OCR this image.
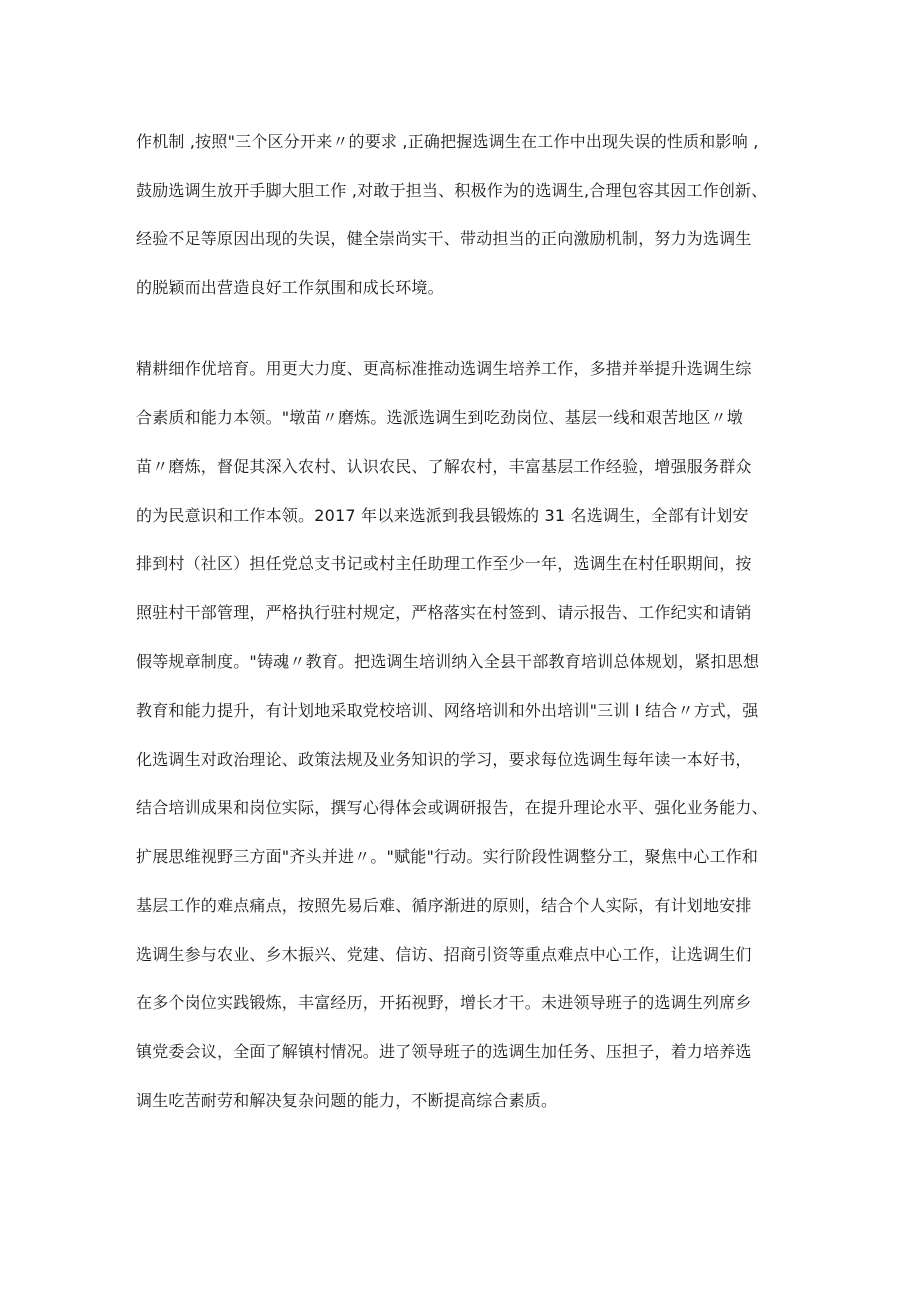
作机制 ,按照"三个区分开来〃的要求 ,正确把握选调生在工作中出现失误的性质和影响 ,

鼓励选调生放开手脚大胆工作 ,对敢于担当、积极作为的选调生,合理包容其因工作创新、

经验不足等原因出现的失误，健全崇尚实干、带动担当的正向激励机制，努力为选调生

的脱颖而出营造良好工作氛围和成长环境。

精耕细作优培育。用更大力度、更高标准推动选调生培养工作，多措并举提升选调生综

合素质和能力本领。"墩苗〃磨炼。选派选调生到吃劲岗位、基层一线和艰苦地区〃墩

苗〃磨炼，督促其深入农村、认识农民、了解农村，丰富基层工作经验，增强服务群众

的为民意识和工作本领。2017 年以来选派到我县锻炼的 31 名选调生，全部有计划安

排到村（社区）担任党总支书记或村主任助理工作至少一年，选调生在村任职期间，按

照驻村干部管理，严格执行驻村规定，严格落实在村签到、请示报告、工作纪实和请销

假等规章制度。"铸魂〃教育。把选调生培训纳入全县干部教育培训总体规划，紧扣思想

教育和能力提升，有计划地采取党校培训、网络培训和外出培训"三训 I 结合〃方式，强

化选调生对政治理论、政策法规及业务知识的学习，要求每位选调生每年读一本好书，

结合培训成果和岗位实际，撰写心得体会或调研报告，在提升理论水平、强化业务能力、

扩展思维视野三方面"齐头并进〃。"赋能"行动。实行阶段性调整分工，聚焦中心工作和

基层工作的难点痛点，按照先易后难、循序渐进的原则，结合个人实际，有计划地安排

选调生参与农业、乡木振兴、党建、信访、招商引资等重点难点中心工作，让选调生们

在多个岗位实践锻炼，丰富经历，开拓视野，增长才干。未进领导班子的选调生列席乡

镇党委会议，全面了解镇村情况。进了领导班子的选调生加任务、压担子，着力培养选

调生吃苦耐劳和解决复杂问题的能力，不断提高综合素质。
